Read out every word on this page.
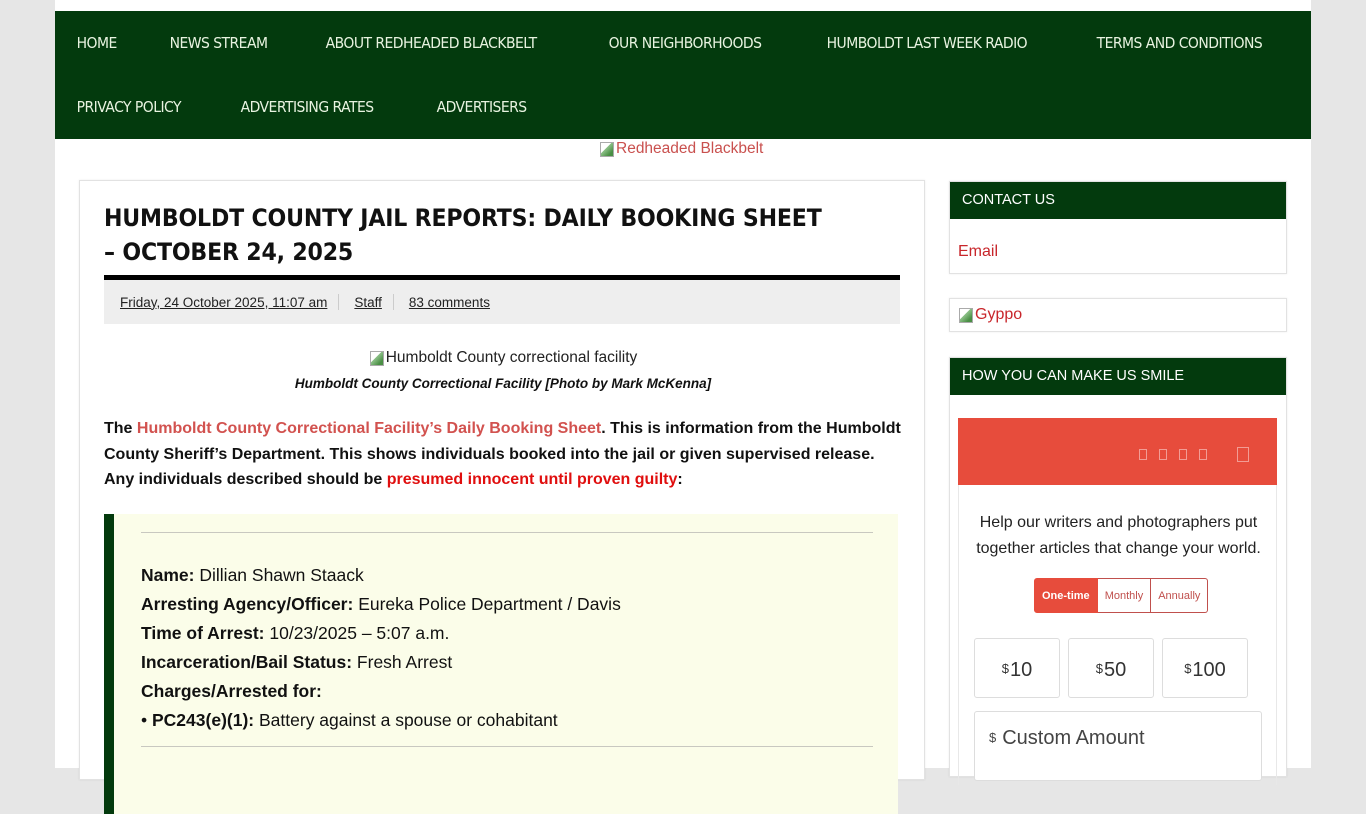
HOME	NEWS STREAM	ABOUT REDHEADED BLACKBELT	OUR NEIGHBORHOODS	HUMBOLDT LAST WEEK RADIO	TERMS AND CONDITIONS
PRIVACY POLICY	ADVERTISING RATES	ADVERTISERS
Redheaded Blackbelt
HUMBOLDT COUNTY JAIL REPORTS: DAILY BOOKING SHEET – OCTOBER 24, 2025
Friday, 24 October 2025, 11:07 am Staff 83 comments
Humboldt County correctional facility
Humboldt County Correctional Facility [Photo by Mark McKenna]

The Humboldt County Correctional Facility’s Daily Booking Sheet. This is information from the Humboldt County Sheriff’s Department. This shows individuals booked into the jail or given supervised release. Any individuals described should be presumed innocent until proven guilty:

Name: Dillian Shawn Staack
Arresting Agency/Officer: Eureka Police Department / Davis
Time of Arrest: 10/23/2025 – 5:07 a.m.
Incarceration/Bail Status: Fresh Arrest
Charges/Arrested for:
• PC243(e)(1): Battery against a spouse or cohabitant
CONTACT US
Email
Gyppo
HOW YOU CAN MAKE US SMILE

Help our writers and photographers put together articles that change your world.

One-time	Monthly	Annually
$10	$50	$100
$ Custom Amount
